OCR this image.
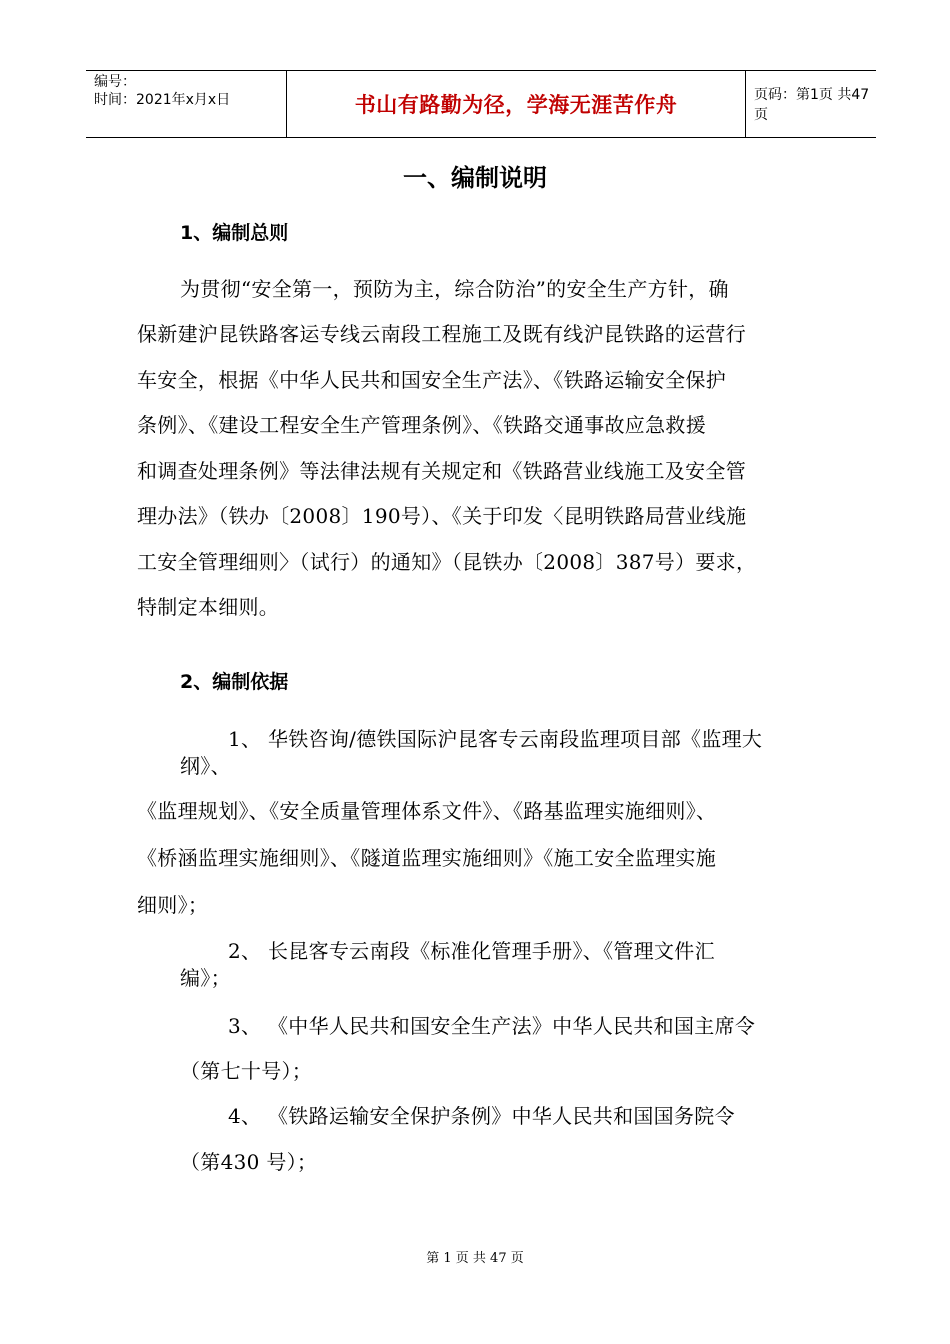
编号：
时间：2021年x月x日	书山有路勤为径，学海无涯苦作舟	页码：第1页 共47页
一、编制说明
1、编制总则
为贯彻“安全第一，预防为主，综合防治”的安全生产方针，确
保新建沪昆铁路客运专线云南段工程施工及既有线沪昆铁路的运营行
车安全，根据《中华人民共和国安全生产法》、《铁路运输安全保护
条例》、《建设工程安全生产管理条例》、《铁路交通事故应急救援
和调查处理条例》等法律法规有关规定和《铁路营业线施工及安全管
理办法》（铁办〔2008〕190号）、《关于印发〈昆明铁路局营业线施
工安全管理细则〉（试行）的通知》（昆铁办〔2008〕387号）要求，
特制定本细则。
2、编制依据
1、 华铁咨询/德铁国际沪昆客专云南段监理项目部《监理大
纲》、
《监理规划》、《安全质量管理体系文件》、《路基监理实施细则》、
《桥涵监理实施细则》、《隧道监理实施细则》《施工安全监理实施
细则》；
2、 长昆客专云南段《标准化管理手册》、《管理文件汇
编》；
3、 《中华人民共和国安全生产法》中华人民共和国主席令
（第七十号）；
4、 《铁路运输安全保护条例》中华人民共和国国务院令
（第430 号）；
第 1 页 共 47 页
